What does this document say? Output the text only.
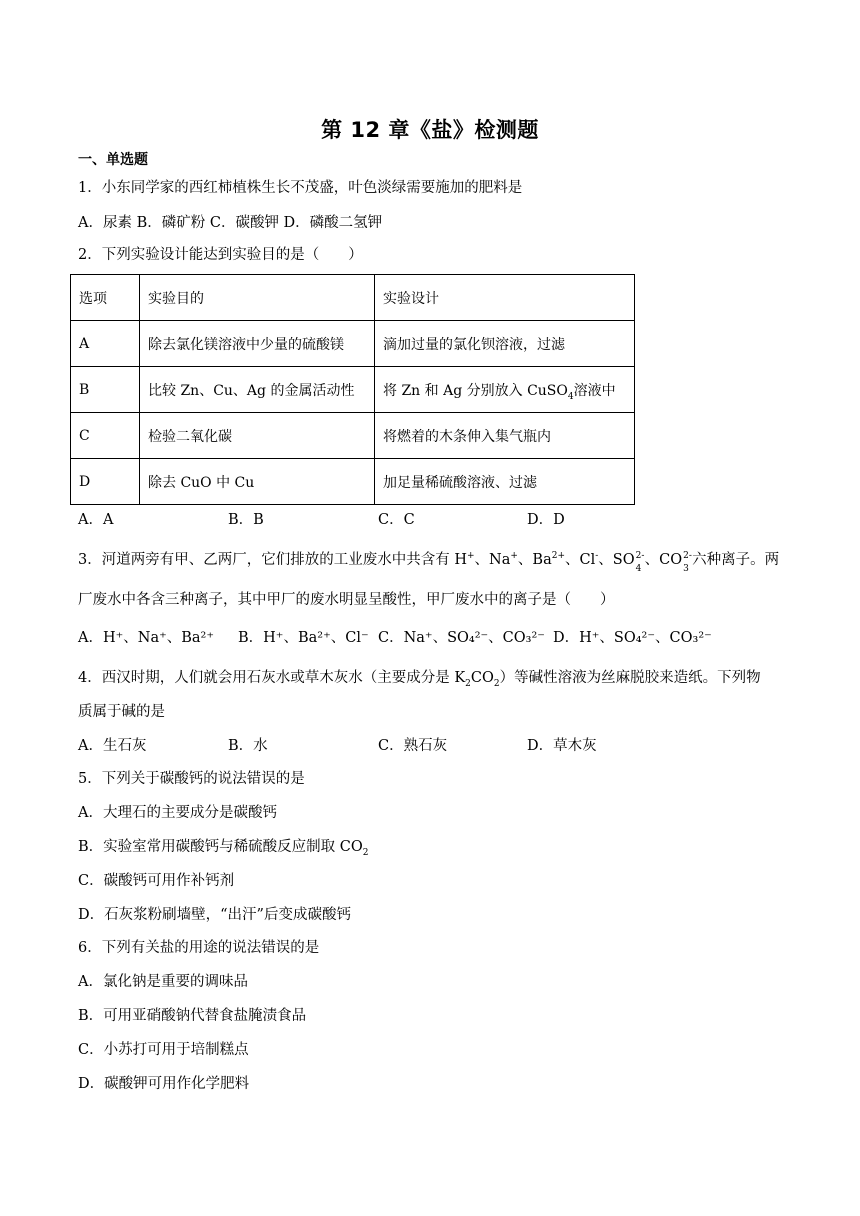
第 12 章《盐》检测题
一、单选题
1．小东同学家的西红柿植株生长不茂盛，叶色淡绿需要施加的肥料是
A．尿素 B．磷矿粉 C．碳酸钾 D．磷酸二氢钾
2．下列实验设计能达到实验目的是（　　）
选项	实验目的	实验设计
A	除去氯化镁溶液中少量的硫酸镁	滴加过量的氯化钡溶液，过滤
B	比较 Zn、Cu、Ag 的金属活动性	将 Zn 和 Ag 分别放入 CuSO$_4$溶液中
C	检验二氧化碳	将燃着的木条伸入集气瓶内
D	除去 CuO 中 Cu	加足量稀硫酸溶液、过滤
A．A	B．B	C．C	D．D
3．河道两旁有甲、乙两厂，它们排放的工业废水中共含有 H+、Na+、$Ba^{2+}$、Cl-、SO 2-
4
、CO 2-
3
六种离子。两
厂废水中各含三种离子，其中甲厂的废水明显呈酸性，甲厂废水中的离子是（　　）
A．H⁺、Na⁺、Ba²⁺ B．H⁺、Ba²⁺、Cl⁻ C．Na⁺、SO₄²⁻、CO₃²⁻ D．H⁺、SO₄²⁻、CO₃²⁻
4．西汉时期，人们就会用石灰水或草木灰水（主要成分是 $K_2CO_2$）等碱性溶液为丝麻脱胶来造纸。下列物
质属于碱的是
A．生石灰	B．水	C．熟石灰	D．草木灰
5．下列关于碳酸钙的说法错误的是
A．大理石的主要成分是碳酸钙
B．实验室常用碳酸钙与稀硫酸反应制取 $CO_2$
C．碳酸钙可用作补钙剂
D．石灰浆粉刷墙壁，“出汗”后变成碳酸钙
6．下列有关盐的用途的说法错误的是
A．氯化钠是重要的调味品
B．可用亚硝酸钠代替食盐腌渍食品
C．小苏打可用于培制糕点
D．碳酸钾可用作化学肥料
